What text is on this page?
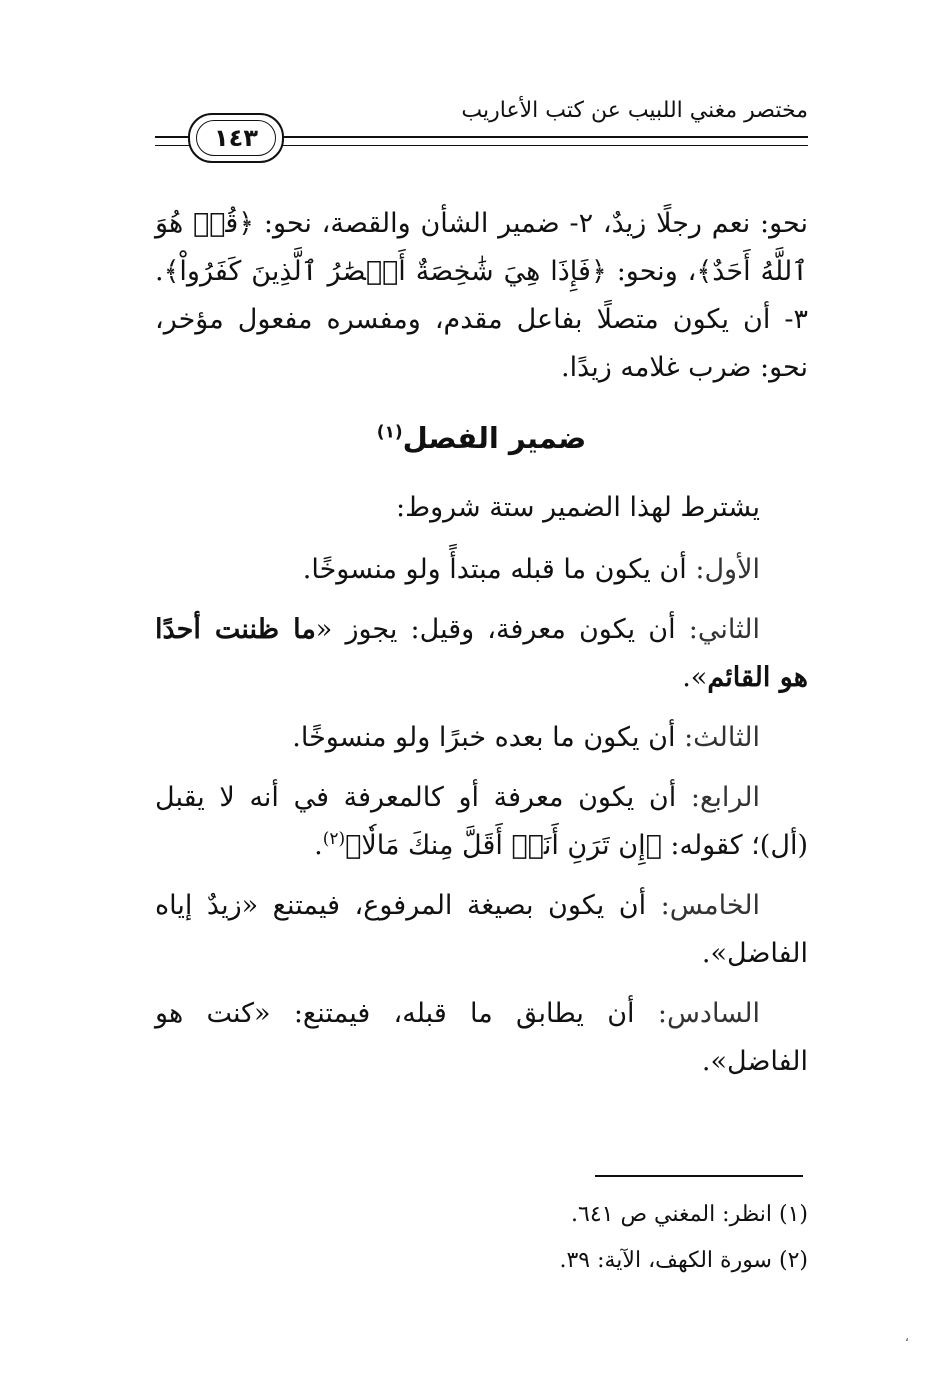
مختصر مغني اللبيب عن كتب الأعاريب
١٤٣

نحو: نعم رجلًا زيدٌ، ٢- ضمير الشأن والقصة، نحو: ﴿قُلۡ هُوَ ٱللَّهُ أَحَدٌ﴾، ونحو: ﴿فَإِذَا هِيَ شَٰخِصَةٌ أَبۡصَٰرُ ٱلَّذِينَ كَفَرُواْ﴾. ٣- أن يكون متصلًا بفاعل مقدم، ومفسره مفعول مؤخر، نحو: ضرب غلامه زيدًا.

ضمير الفصل$^{(١)}$

يشترط لهذا الضمير ستة شروط:

الأول: أن يكون ما قبله مبتدأً ولو منسوخًا.

الثاني: أن يكون معرفة، وقيل: يجوز «ما ظننت أحدًا هو القائم».

الثالث: أن يكون ما بعده خبرًا ولو منسوخًا.

الرابع: أن يكون معرفة أو كالمعرفة في أنه لا يقبل (أل)؛ كقوله: ﴿إِن تَرَنِ أَنَا۠ أَقَلَّ مِنكَ مَالٗا﴾$^{(٢)}$.

الخامس: أن يكون بصيغة المرفوع، فيمتنع «زيدٌ إياه الفاضل».

السادس: أن يطابق ما قبله، فيمتنع: «كنت هو الفاضل».

(١) انظر: المغني ص ٦٤١.

(٢) سورة الكهف، الآية: ٣٩.

،
